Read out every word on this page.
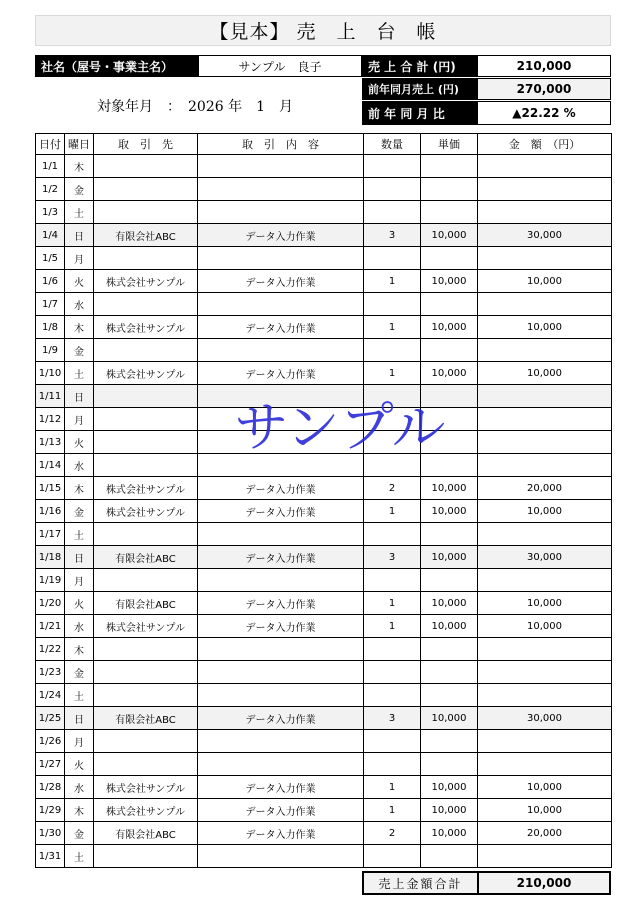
【見本】 売　上　台　帳
社名（屋号・事業主名）	サンプル　良子	売 上 合 計 (円)	210,000
前年同月売上 (円)	270,000
前 年 同 月 比	▲22.22 %
対象年月　：　2026 年　1　月
日付	曜日	取　引　先	取　引　内　容	数量	単価	金　額　（円）
1/1	木					
1/2	金					
1/3	土					
1/4	日	有限会社ABC	データ入力作業	3	10,000	30,000
1/5	月					
1/6	火	株式会社サンプル	データ入力作業	1	10,000	10,000
1/7	水					
1/8	木	株式会社サンプル	データ入力作業	1	10,000	10,000
1/9	金					
1/10	土	株式会社サンプル	データ入力作業	1	10,000	10,000
1/11	日					
1/12	月					
1/13	火					
1/14	水					
1/15	木	株式会社サンプル	データ入力作業	2	10,000	20,000
1/16	金	株式会社サンプル	データ入力作業	1	10,000	10,000
1/17	土					
1/18	日	有限会社ABC	データ入力作業	3	10,000	30,000
1/19	月					
1/20	火	有限会社ABC	データ入力作業	1	10,000	10,000
1/21	水	株式会社サンプル	データ入力作業	1	10,000	10,000
1/22	木					
1/23	金					
1/24	土					
1/25	日	有限会社ABC	データ入力作業	3	10,000	30,000
1/26	月					
1/27	火					
1/28	水	株式会社サンプル	データ入力作業	1	10,000	10,000
1/29	木	株式会社サンプル	データ入力作業	1	10,000	10,000
1/30	金	有限会社ABC	データ入力作業	2	10,000	20,000
1/31	土					
サンプル
売上金額合計	210,000
